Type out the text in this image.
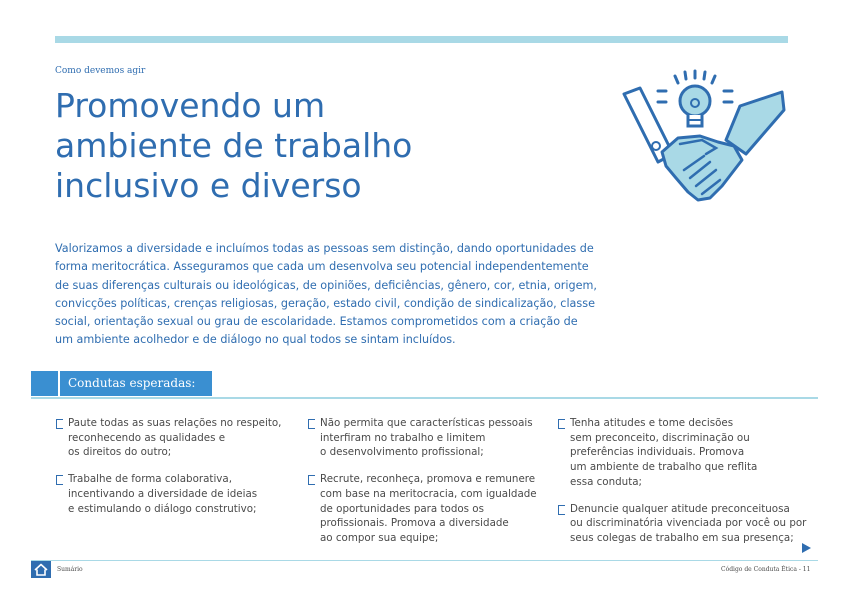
Como devemos agir
Promovendo um
ambiente de trabalho
inclusivo e diverso
Valorizamos a diversidade e incluímos todas as pessoas sem distinção, dando oportunidades de
forma meritocrática. Asseguramos que cada um desenvolva seu potencial independentemente
de suas diferenças culturais ou ideológicas, de opiniões, deficiências, gênero, cor, etnia, origem,
convicções políticas, crenças religiosas, geração, estado civil, condição de sindicalização, classe
social, orientação sexual ou grau de escolaridade. Estamos comprometidos com a criação de
um ambiente acolhedor e de diálogo no qual todos se sintam incluídos.
Condutas esperadas:
Paute todas as suas relações no respeito,
reconhecendo as qualidades e
os direitos do outro;
Trabalhe de forma colaborativa,
incentivando a diversidade de ideias
e estimulando o diálogo construtivo;
Não permita que características pessoais
interfiram no trabalho e limitem
o desenvolvimento profissional;
Recrute, reconheça, promova e remunere
com base na meritocracia, com igualdade
de oportunidades para todos os
profissionais. Promova a diversidade
ao compor sua equipe;
Tenha atitudes e tome decisões
sem preconceito, discriminação ou
preferências individuais. Promova
um ambiente de trabalho que reflita
essa conduta;
Denuncie qualquer atitude preconceituosa
ou discriminatória vivenciada por você ou por
seus colegas de trabalho em sua presença;
Sumário	Código de Conduta Ética - 11
